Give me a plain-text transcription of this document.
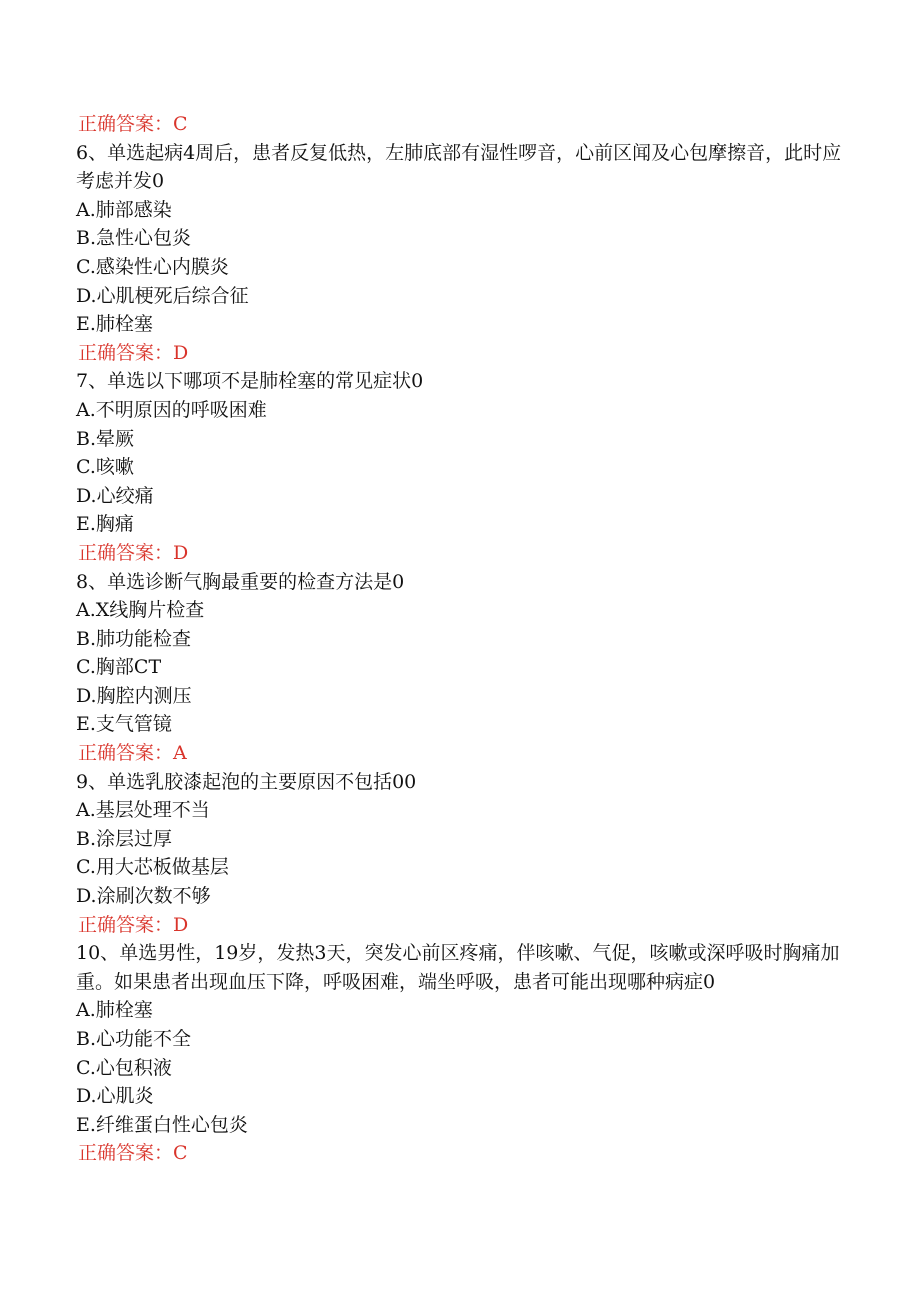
正确答案：C
6、单选起病4周后，患者反复低热，左肺底部有湿性啰音，心前区闻及心包摩擦音，此时应考虑并发0
A.肺部感染
B.急性心包炎
C.感染性心内膜炎
D.心肌梗死后综合征
E.肺栓塞
正确答案：D
7、单选以下哪项不是肺栓塞的常见症状0
A.不明原因的呼吸困难
B.晕厥
C.咳嗽
D.心绞痛
E.胸痛
正确答案：D
8、单选诊断气胸最重要的检查方法是0
A.X线胸片检查
B.肺功能检查
C.胸部CT
D.胸腔内测压
E.支气管镜
正确答案：A
9、单选乳胶漆起泡的主要原因不包括00
A.基层处理不当
B.涂层过厚
C.用大芯板做基层
D.涂刷次数不够
正确答案：D
10、单选男性，19岁，发热3天，突发心前区疼痛，伴咳嗽、气促，咳嗽或深呼吸时胸痛加重。如果患者出现血压下降，呼吸困难，端坐呼吸，患者可能出现哪种病症0
A.肺栓塞
B.心功能不全
C.心包积液
D.心肌炎
E.纤维蛋白性心包炎
正确答案：C
